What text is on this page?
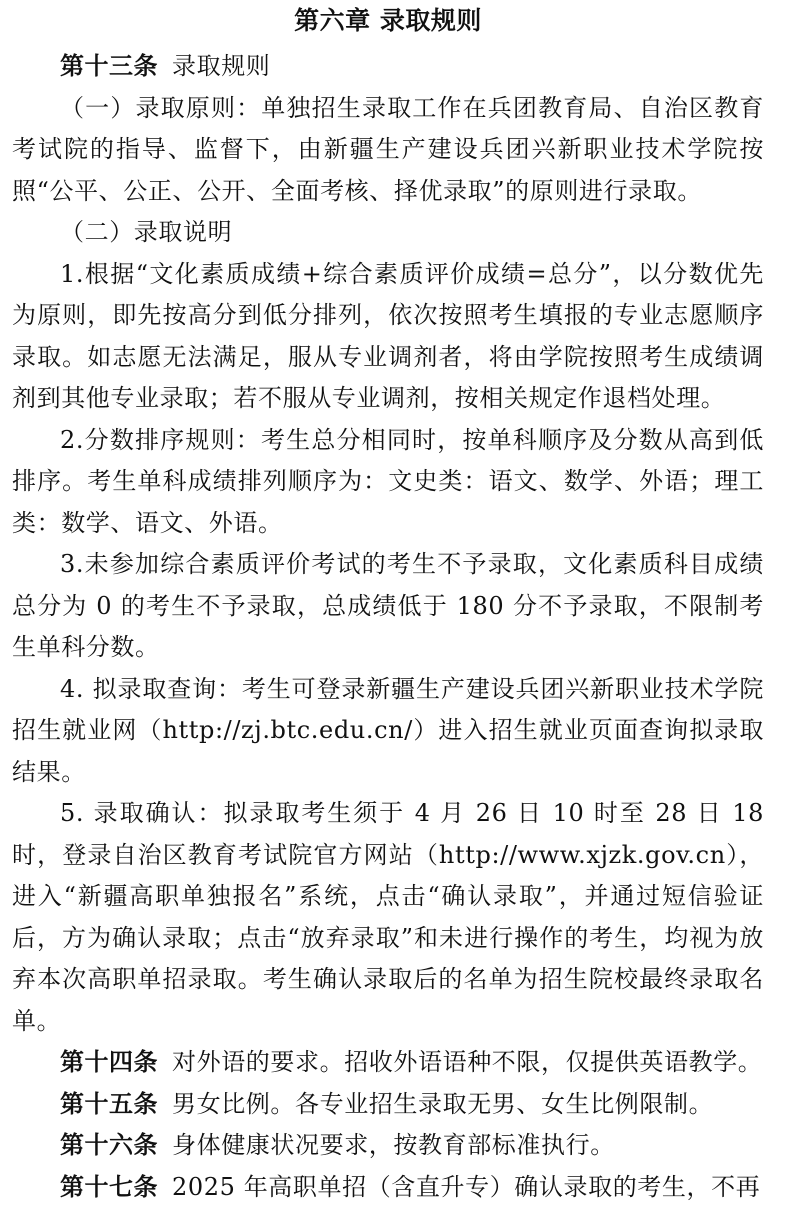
第六章 录取规则

第十三条 录取规则

（一）录取原则：单独招生录取工作在兵团教育局、自治区教育考试院的指导、监督下，由新疆生产建设兵团兴新职业技术学院按照“公平、公正、公开、全面考核、择优录取”的原则进行录取。

（二）录取说明

1.根据“文化素质成绩+综合素质评价成绩=总分”，以分数优先为原则，即先按高分到低分排列，依次按照考生填报的专业志愿顺序录取。如志愿无法满足，服从专业调剂者，将由学院按照考生成绩调剂到其他专业录取；若不服从专业调剂，按相关规定作退档处理。

2.分数排序规则：考生总分相同时，按单科顺序及分数从高到低排序。考生单科成绩排列顺序为：文史类：语文、数学、外语；理工类：数学、语文、外语。

3.未参加综合素质评价考试的考生不予录取，文化素质科目成绩总分为 0 的考生不予录取，总成绩低于 180 分不予录取，不限制考生单科分数。

4. 拟录取查询：考生可登录新疆生产建设兵团兴新职业技术学院招生就业网（http://zj.btc.edu.cn/）进入招生就业页面查询拟录取结果。

5. 录取确认：拟录取考生须于 4 月 26 日 10 时至 28 日 18 时，登录自治区教育考试院官方网站（http://www.xjzk.gov.cn），进入“新疆高职单独报名”系统，点击“确认录取”，并通过短信验证后，方为确认录取；点击“放弃录取”和未进行操作的考生，均视为放弃本次高职单招录取。考生确认录取后的名单为招生院校最终录取名单。

第十四条 对外语的要求。招收外语语种不限，仅提供英语教学。

第十五条 男女比例。各专业招生录取无男、女生比例限制。

第十六条 身体健康状况要求，按教育部标准执行。

第十七条 2025 年高职单招（含直升专）确认录取的考生，不再
